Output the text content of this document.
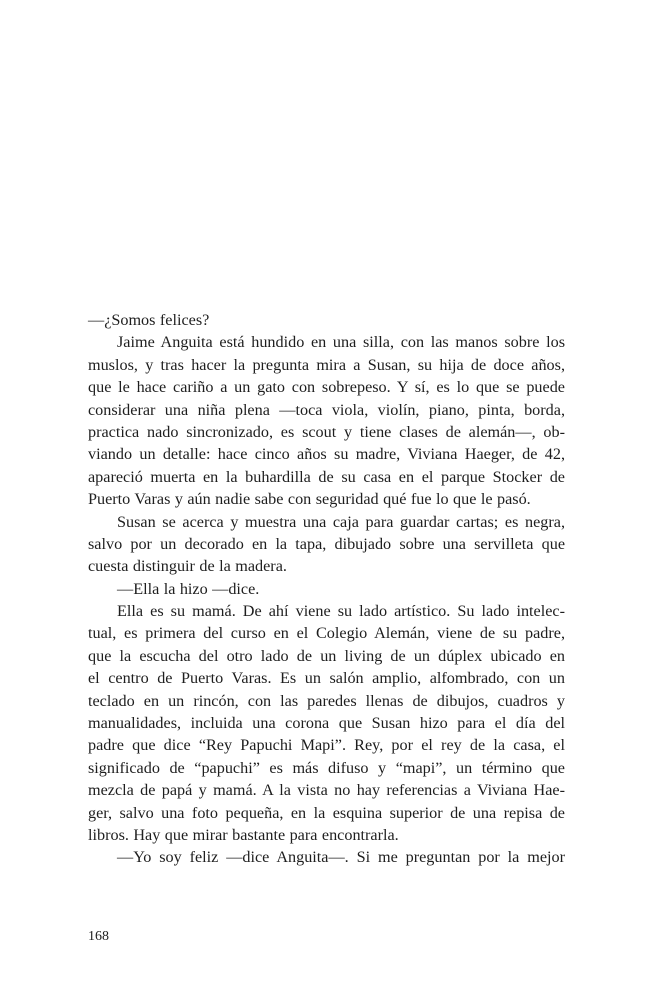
—¿Somos felices?
Jaime Anguita está hundido en una silla, con las manos sobre los
muslos, y tras hacer la pregunta mira a Susan, su hija de doce años,
que le hace cariño a un gato con sobrepeso. Y sí, es lo que se puede
considerar una niña plena —toca viola, violín, piano, pinta, borda,
practica nado sincronizado, es scout y tiene clases de alemán—, ob-
viando un detalle: hace cinco años su madre, Viviana Haeger, de 42,
apareció muerta en la buhardilla de su casa en el parque Stocker de
Puerto Varas y aún nadie sabe con seguridad qué fue lo que le pasó.
Susan se acerca y muestra una caja para guardar cartas; es negra,
salvo por un decorado en la tapa, dibujado sobre una servilleta que
cuesta distinguir de la madera.
—Ella la hizo —dice.
Ella es su mamá. De ahí viene su lado artístico. Su lado intelec-
tual, es primera del curso en el Colegio Alemán, viene de su padre,
que la escucha del otro lado de un living de un dúplex ubicado en
el centro de Puerto Varas. Es un salón amplio, alfombrado, con un
teclado en un rincón, con las paredes llenas de dibujos, cuadros y
manualidades, incluida una corona que Susan hizo para el día del
padre que dice “Rey Papuchi Mapi”. Rey, por el rey de la casa, el
significado de “papuchi” es más difuso y “mapi”, un término que
mezcla de papá y mamá. A la vista no hay referencias a Viviana Hae-
ger, salvo una foto pequeña, en la esquina superior de una repisa de
libros. Hay que mirar bastante para encontrarla.
—Yo soy feliz —dice Anguita—. Si me preguntan por la mejor
168
